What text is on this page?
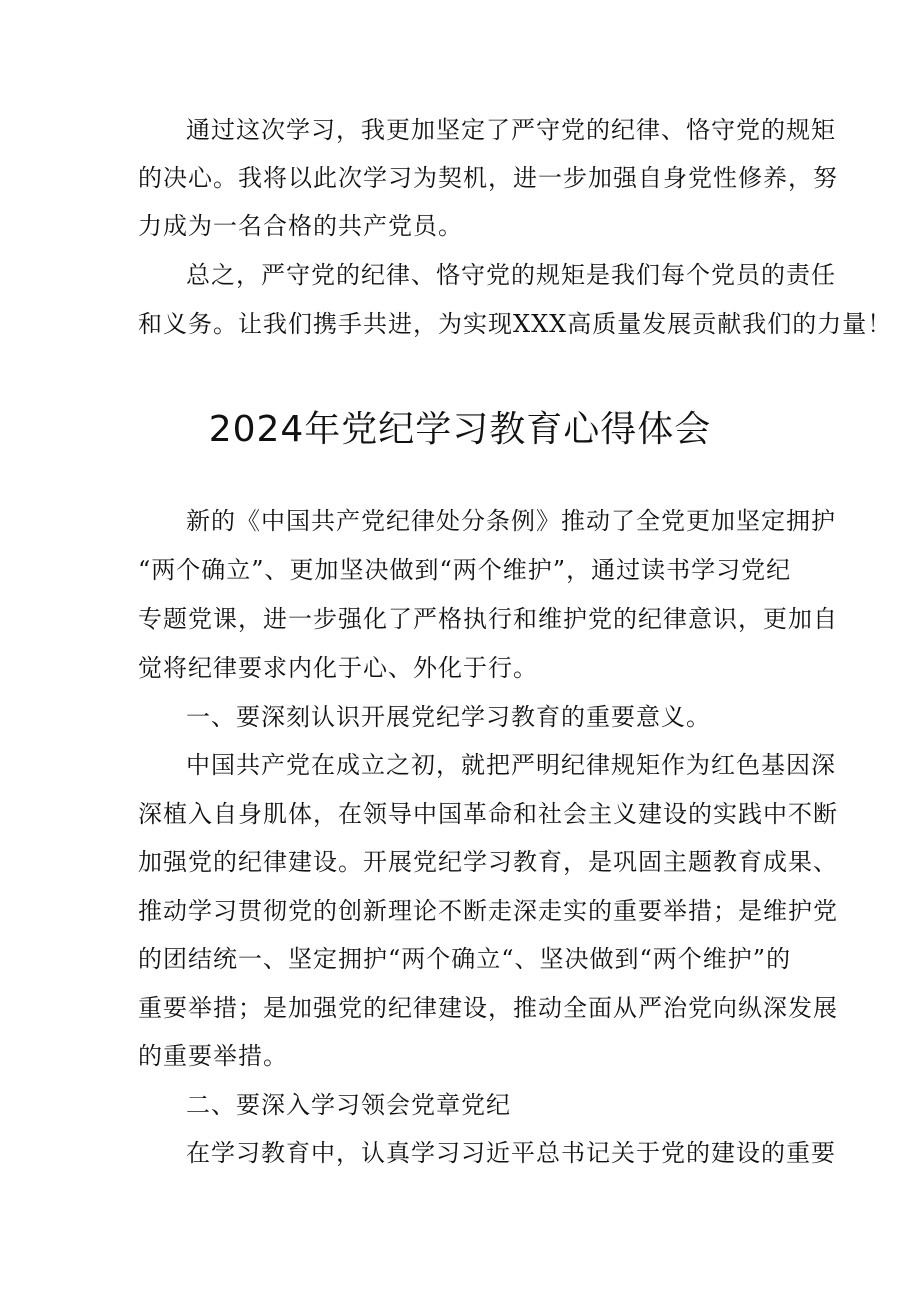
通过这次学习，我更加坚定了严守党的纪律、恪守党的规矩
的决心。我将以此次学习为契机，进一步加强自身党性修养，努
力成为一名合格的共产党员。
总之，严守党的纪律、恪守党的规矩是我们每个党员的责任
和义务。让我们携手共进，为实现XXX高质量发展贡献我们的力量！
2024年党纪学习教育心得体会
新的《中国共产党纪律处分条例》推动了全党更加坚定拥护
“两个确立”、更加坚决做到“两个维护”，通过读书学习党纪
专题党课，进一步强化了严格执行和维护党的纪律意识，更加自
觉将纪律要求内化于心、外化于行。
一、要深刻认识开展党纪学习教育的重要意义。
中国共产党在成立之初，就把严明纪律规矩作为红色基因深
深植入自身肌体，在领导中国革命和社会主义建设的实践中不断
加强党的纪律建设。开展党纪学习教育，是巩固主题教育成果、
推动学习贯彻党的创新理论不断走深走实的重要举措；是维护党
的团结统一、坚定拥护“两个确立“、坚决做到“两个维护”的
重要举措；是加强党的纪律建设，推动全面从严治党向纵深发展
的重要举措。
二、要深入学习领会党章党纪
在学习教育中，认真学习习近平总书记关于党的建设的重要
